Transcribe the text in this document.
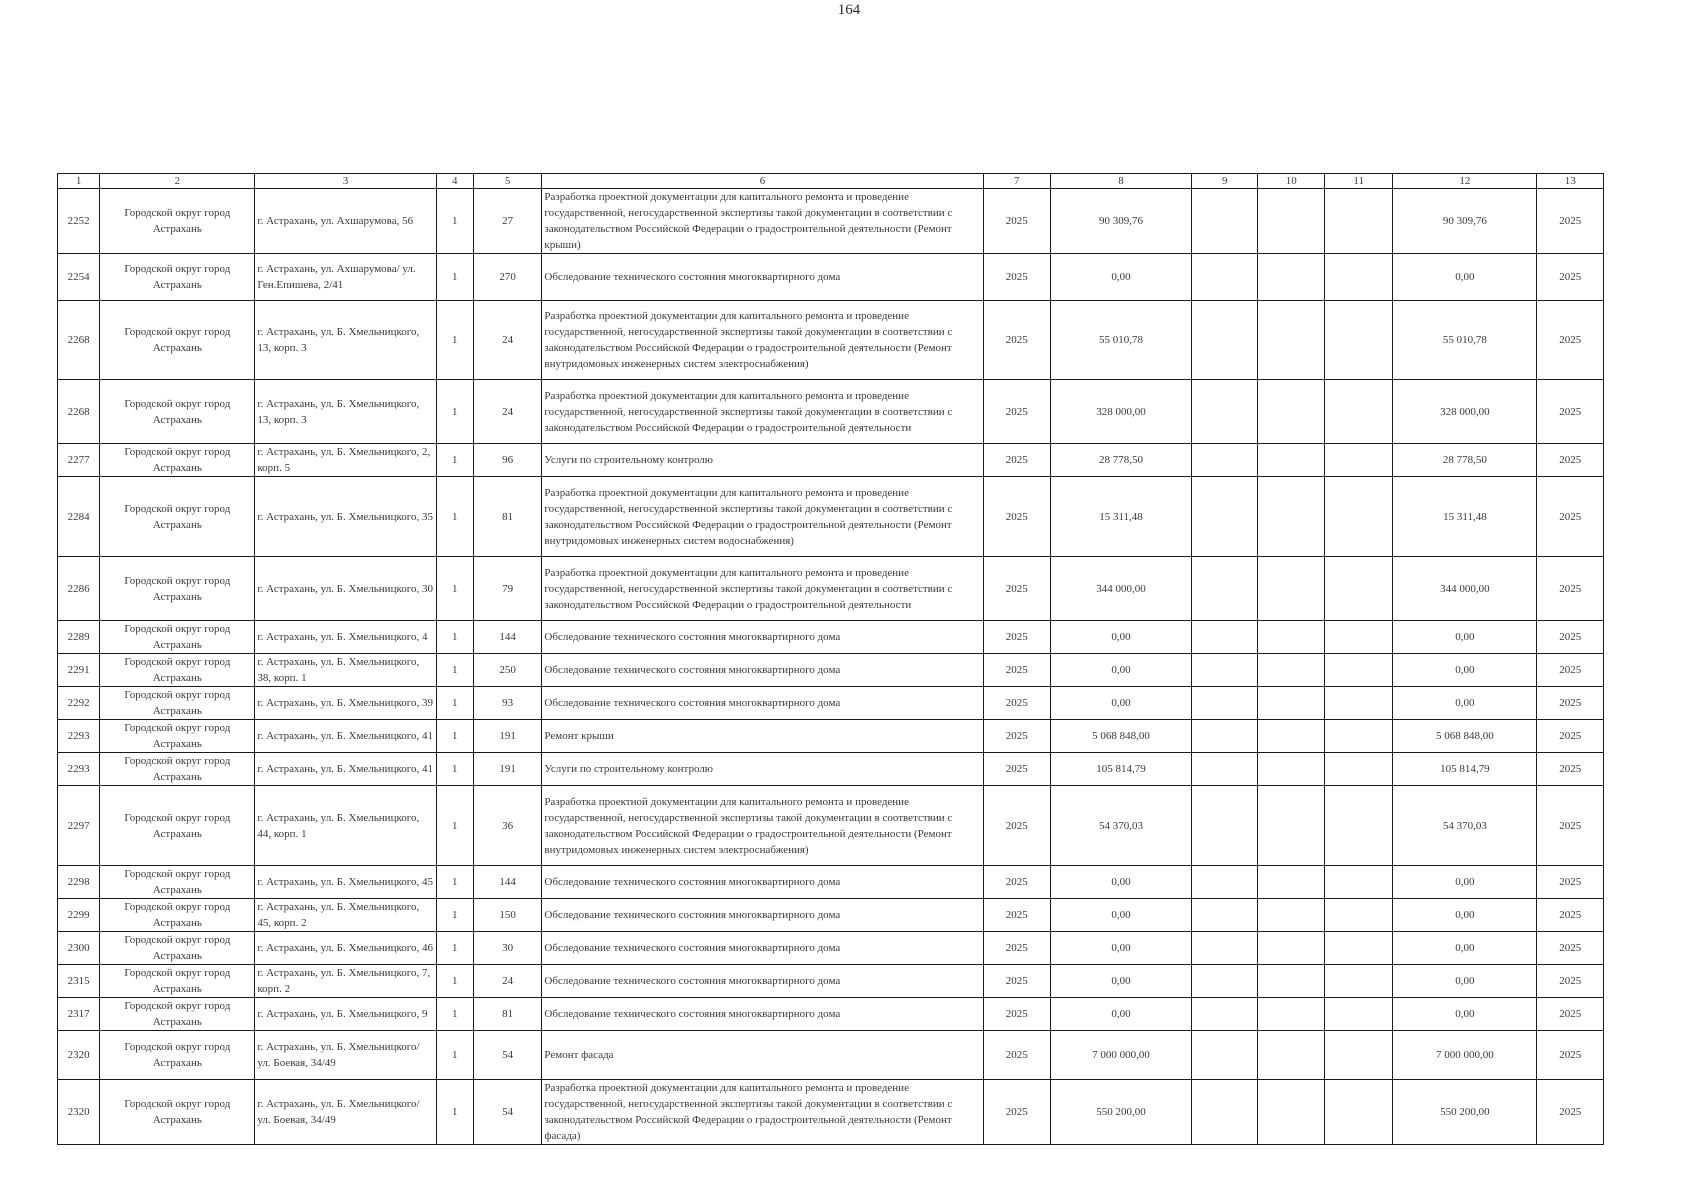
164
1	2	3	4	5	6	7	8	9	10	11	12	13
2252	Городской округ город Астрахань	г. Астрахань, ул. Ахшарумова, 56	1	27	Разработка проектной документации для капитального ремонта и проведение государственной, негосударственной экспертизы такой документации в соответствии с законодательством Российской Федерации о градостроительной деятельности (Ремонт крыши)	2025	90 309,76				90 309,76	2025
2254	Городской округ город Астрахань	г. Астрахань, ул. Ахшарумова/ ул. Ген.Епишева, 2/41	1	270	Обследование технического состояния многоквартирного дома	2025	0,00				0,00	2025
2268	Городской округ город Астрахань	г. Астрахань, ул. Б. Хмельницкого, 13, корп. 3	1	24	Разработка проектной документации для капитального ремонта и проведение государственной, негосударственной экспертизы такой документации в соответствии с законодательством Российской Федерации о градостроительной деятельности (Ремонт внутридомовых инженерных систем электроснабжения)	2025	55 010,78				55 010,78	2025
2268	Городской округ город Астрахань	г. Астрахань, ул. Б. Хмельницкого, 13, корп. 3	1	24	Разработка проектной документации для капитального ремонта и проведение государственной, негосударственной экспертизы такой документации в соответствии с законодательством Российской Федерации о градостроительной деятельности	2025	328 000,00				328 000,00	2025
2277	Городской округ город Астрахань	г. Астрахань, ул. Б. Хмельницкого, 2, корп. 5	1	96	Услуги по строительному контролю	2025	28 778,50				28 778,50	2025
2284	Городской округ город Астрахань	г. Астрахань, ул. Б. Хмельницкого, 35	1	81	Разработка проектной документации для капитального ремонта и проведение государственной, негосударственной экспертизы такой документации в соответствии с законодательством Российской Федерации о градостроительной деятельности (Ремонт внутридомовых инженерных систем водоснабжения)	2025	15 311,48				15 311,48	2025
2286	Городской округ город Астрахань	г. Астрахань, ул. Б. Хмельницкого, 30	1	79	Разработка проектной документации для капитального ремонта и проведение государственной, негосударственной экспертизы такой документации в соответствии с законодательством Российской Федерации о градостроительной деятельности	2025	344 000,00				344 000,00	2025
2289	Городской округ город Астрахань	г. Астрахань, ул. Б. Хмельницкого, 4	1	144	Обследование технического состояния многоквартирного дома	2025	0,00				0,00	2025
2291	Городской округ город Астрахань	г. Астрахань, ул. Б. Хмельницкого, 38, корп. 1	1	250	Обследование технического состояния многоквартирного дома	2025	0,00				0,00	2025
2292	Городской округ город Астрахань	г. Астрахань, ул. Б. Хмельницкого, 39	1	93	Обследование технического состояния многоквартирного дома	2025	0,00				0,00	2025
2293	Городской округ город Астрахань	г. Астрахань, ул. Б. Хмельницкого, 41	1	191	Ремонт крыши	2025	5 068 848,00				5 068 848,00	2025
2293	Городской округ город Астрахань	г. Астрахань, ул. Б. Хмельницкого, 41	1	191	Услуги по строительному контролю	2025	105 814,79				105 814,79	2025
2297	Городской округ город Астрахань	г. Астрахань, ул. Б. Хмельницкого, 44, корп. 1	1	36	Разработка проектной документации для капитального ремонта и проведение государственной, негосударственной экспертизы такой документации в соответствии с законодательством Российской Федерации о градостроительной деятельности (Ремонт внутридомовых инженерных систем электроснабжения)	2025	54 370,03				54 370,03	2025
2298	Городской округ город Астрахань	г. Астрахань, ул. Б. Хмельницкого, 45	1	144	Обследование технического состояния многоквартирного дома	2025	0,00				0,00	2025
2299	Городской округ город Астрахань	г. Астрахань, ул. Б. Хмельницкого, 45, корп. 2	1	150	Обследование технического состояния многоквартирного дома	2025	0,00				0,00	2025
2300	Городской округ город Астрахань	г. Астрахань, ул. Б. Хмельницкого, 46	1	30	Обследование технического состояния многоквартирного дома	2025	0,00				0,00	2025
2315	Городской округ город Астрахань	г. Астрахань, ул. Б. Хмельницкого, 7, корп. 2	1	24	Обследование технического состояния многоквартирного дома	2025	0,00				0,00	2025
2317	Городской округ город Астрахань	г. Астрахань, ул. Б. Хмельницкого, 9	1	81	Обследование технического состояния многоквартирного дома	2025	0,00				0,00	2025
2320	Городской округ город Астрахань	г. Астрахань, ул. Б. Хмельницкого/ ул. Боевая, 34/49	1	54	Ремонт фасада	2025	7 000 000,00				7 000 000,00	2025
2320	Городской округ город Астрахань	г. Астрахань, ул. Б. Хмельницкого/ ул. Боевая, 34/49	1	54	Разработка проектной документации для капитального ремонта и проведение государственной, негосударственной экспертизы такой документации в соответствии с законодательством Российской Федерации о градостроительной деятельности (Ремонт фасада)	2025	550 200,00				550 200,00	2025
